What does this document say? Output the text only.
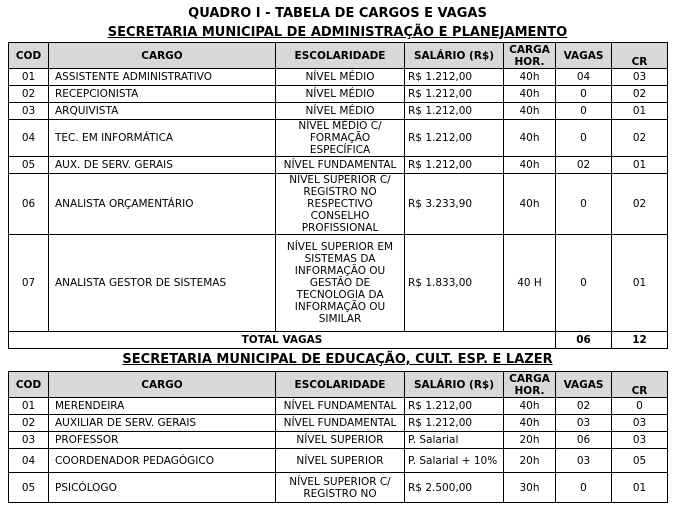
QUADRO I - TABELA DE CARGOS E VAGAS
SECRETARIA MUNICIPAL DE ADMINISTRAÇÃO E PLANEJAMENTO
COD	CARGO	ESCOLARIDADE	SALÁRIO (R$)	CARGA HOR.	VAGAS	CR
01	ASSISTENTE ADMINISTRATIVO	NÍVEL MÉDIO	R$ 1.212,00	40h	04	03
02	RECEPCIONISTA	NÍVEL MÉDIO	R$ 1.212,00	40h	0	02
03	ARQUIVISTA	NÍVEL MÉDIO	R$ 1.212,00	40h	0	01
04	TEC. EM INFORMÁTICA	NÍVEL MÉDIO C/ FORMAÇÃO ESPECÍFICA	R$ 1.212,00	40h	0	02
05	AUX. DE SERV. GERAIS	NÍVEL FUNDAMENTAL	R$ 1.212,00	40h	02	01
06	ANALISTA ORÇAMENTÁRIO	NÍVEL SUPERIOR C/ REGISTRO NO RESPECTIVO CONSELHO PROFISSIONAL	R$ 3.233,90	40h	0	02
07	ANALISTA GESTOR DE SISTEMAS	NÍVEL SUPERIOR EM SISTEMAS DA INFORMAÇÃO OU GESTÃO DE TECNOLOGIA DA INFORMAÇÃO OU SIMILAR	R$ 1.833,00	40 H	0	01
TOTAL VAGAS					06	12
SECRETARIA MUNICIPAL DE EDUCAÇÃO, CULT. ESP. E LAZER
COD	CARGO	ESCOLARIDADE	SALÁRIO (R$)	CARGA HOR.	VAGAS	CR
01	MERENDEIRA	NÍVEL FUNDAMENTAL	R$ 1.212,00	40h	02	0
02	AUXILIAR DE SERV. GERAIS	NÍVEL FUNDAMENTAL	R$ 1.212,00	40h	03	03
03	PROFESSOR	NÍVEL SUPERIOR	P. Salarial	20h	06	03
04	COORDENADOR PEDAGÓGICO	NÍVEL SUPERIOR	P. Salarial + 10%	20h	03	05
05	PSICÓLOGO	NÍVEL SUPERIOR C/ REGISTRO NO	R$ 2.500,00	30h	0	01
